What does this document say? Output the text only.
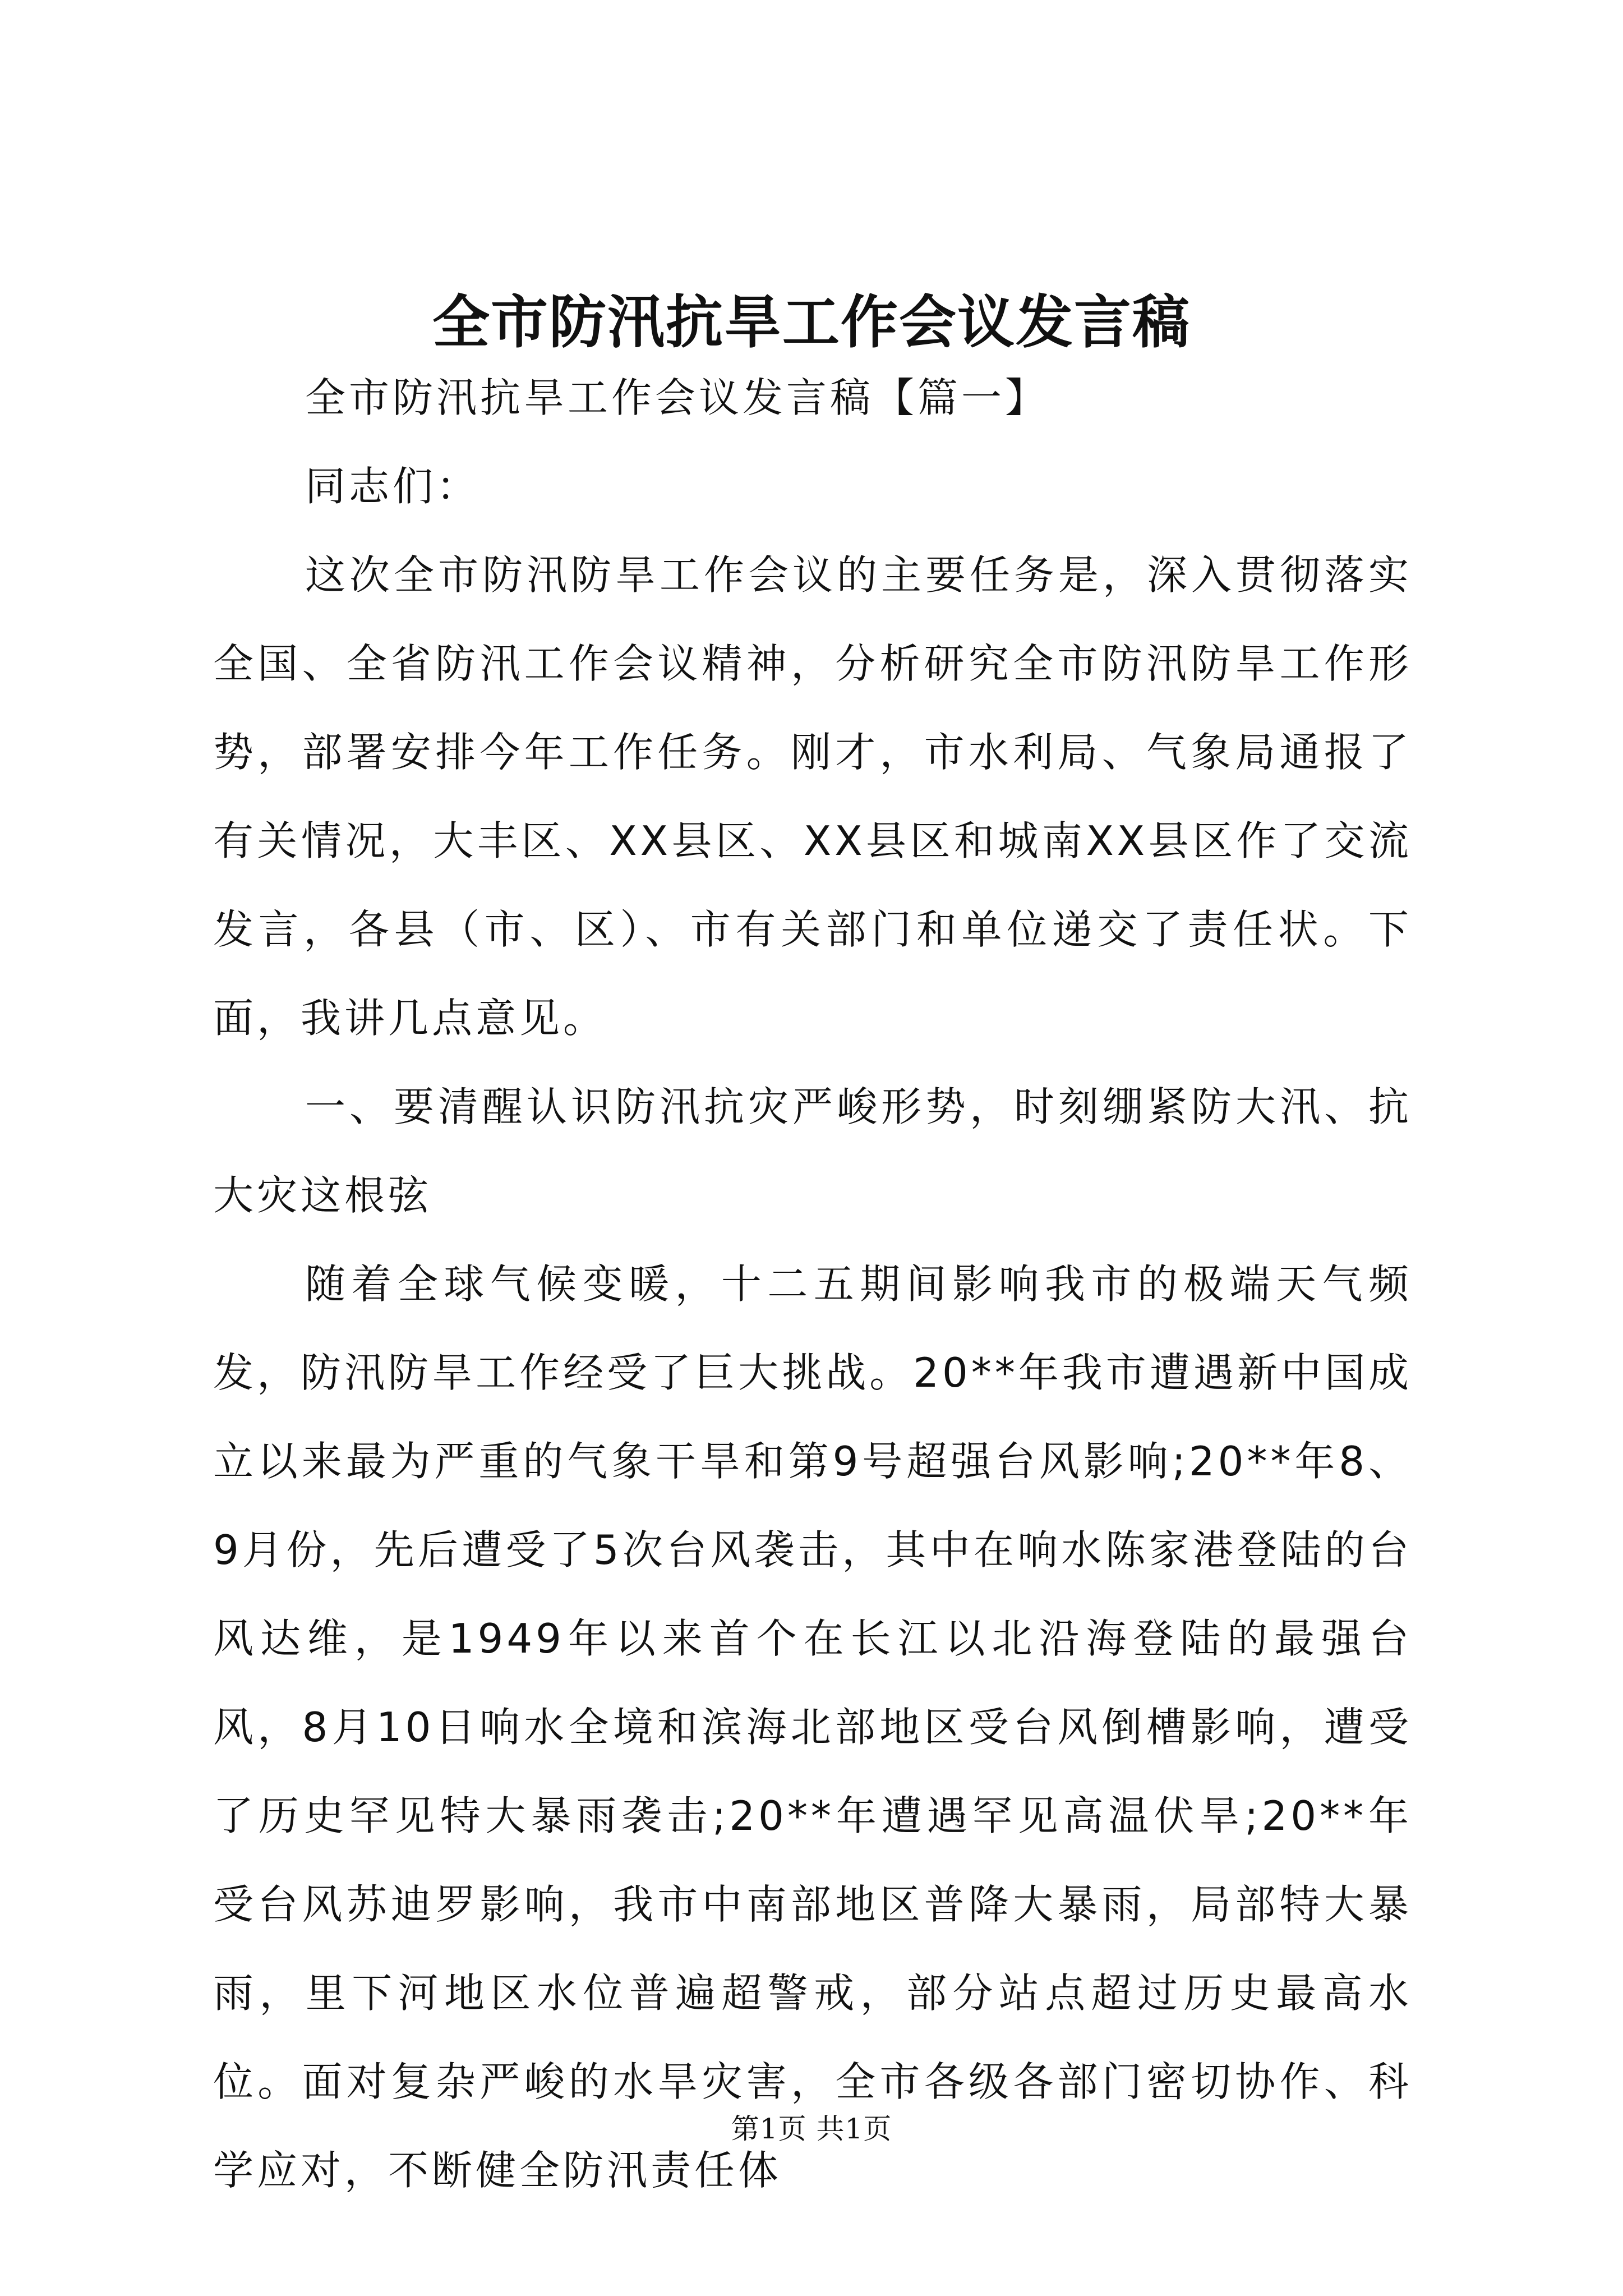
全市防汛抗旱工作会议发言稿

全市防汛抗旱工作会议发言稿【篇一】

同志们：

这次全市防汛防旱工作会议的主要任务是，深入贯彻落实全国、全省防汛工作会议精神，分析研究全市防汛防旱工作形势，部署安排今年工作任务。刚才，市水利局、气象局通报了有关情况，大丰区、XX县区、XX县区和城南XX县区作了交流发言，各县（市、区）、市有关部门和单位递交了责任状。下面，我讲几点意见。

一、要清醒认识防汛抗灾严峻形势，时刻绷紧防大汛、抗大灾这根弦

随着全球气候变暖，十二五期间影响我市的极端天气频发，防汛防旱工作经受了巨大挑战。20**年我市遭遇新中国成立以来最为严重的气象干旱和第9号超强台风影响;20**年8、9月份，先后遭受了5次台风袭击，其中在响水陈家港登陆的台风达维，是1949年以来首个在长江以北沿海登陆的最强台风，8月10日响水全境和滨海北部地区受台风倒槽影响，遭受了历史罕见特大暴雨袭击;20**年遭遇罕见高温伏旱;20**年受台风苏迪罗影响，我市中南部地区普降大暴雨，局部特大暴雨，里下河地区水位普遍超警戒，部分站点超过历史最高水位。面对复杂严峻的水旱灾害，全市各级各部门密切协作、科学应对，不断健全防汛责任体

第1页 共1页
